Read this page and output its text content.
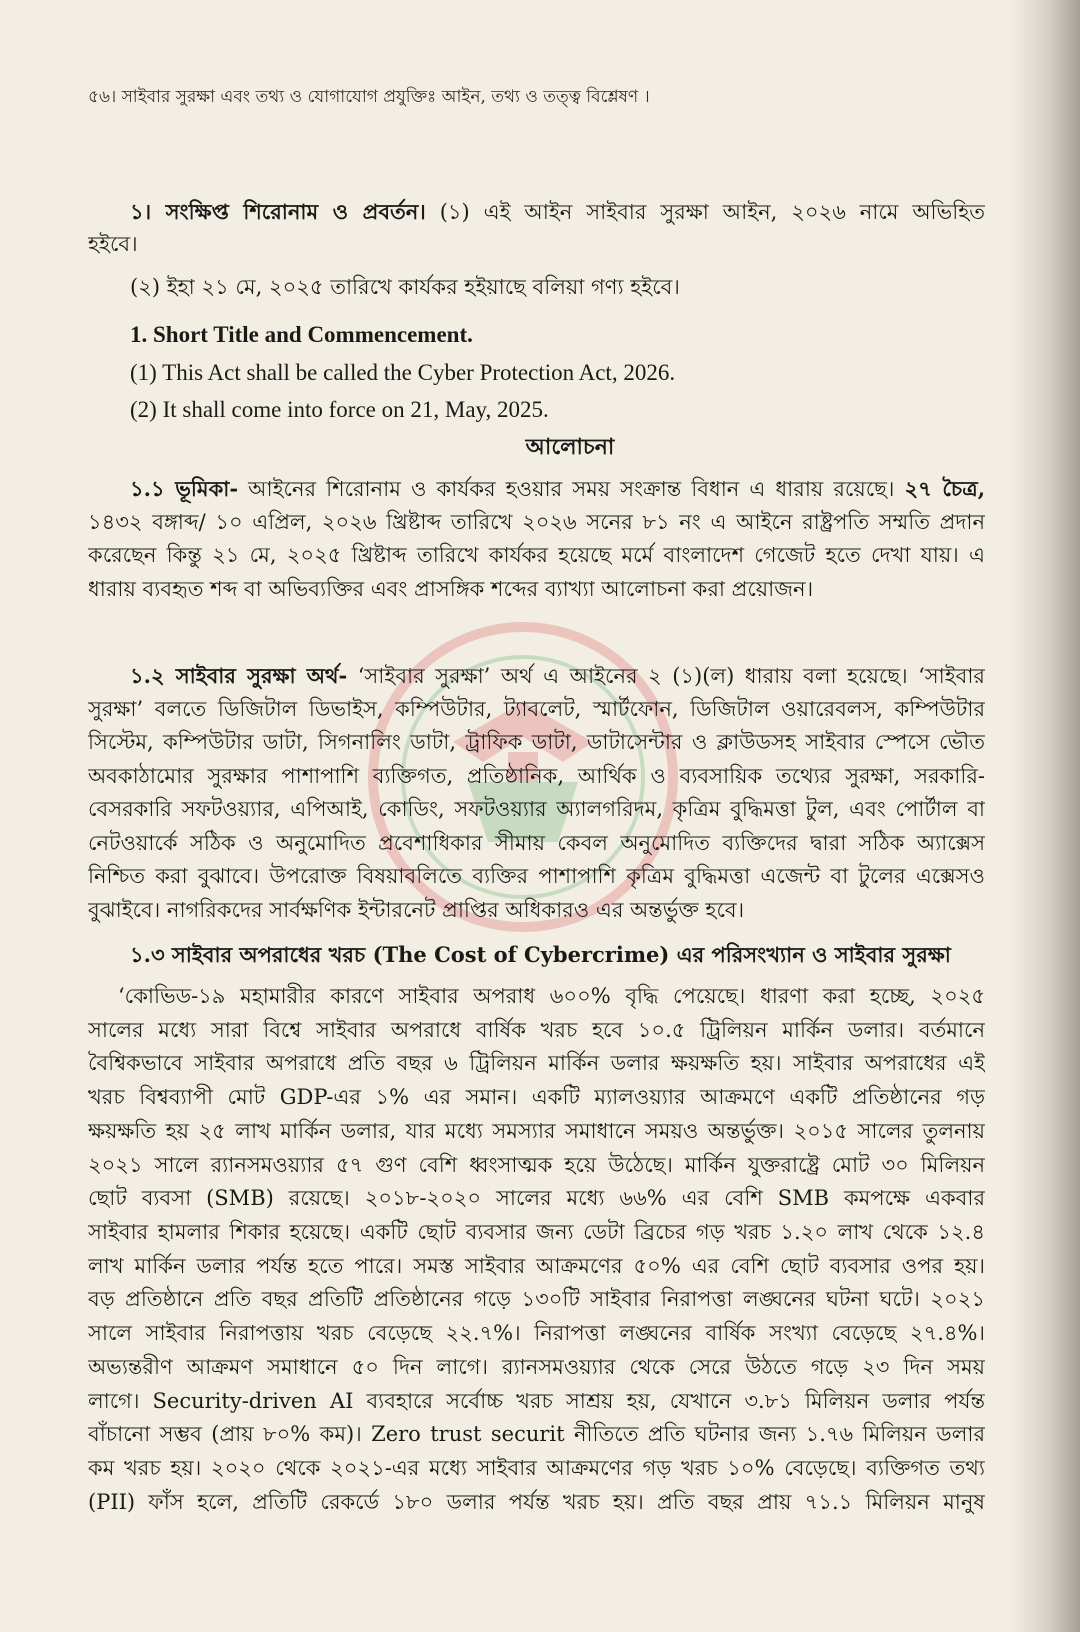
৫৬। সাইবার সুরক্ষা এবং তথ্য ও যোগাযোগ প্রযুক্তিঃ আইন, তথ্য ও তত্ত্ব বিশ্লেষণ ।
১। সংক্ষিপ্ত শিরোনাম ও প্রবর্তন। (১) এই আইন সাইবার সুরক্ষা আইন, ২০২৬ নামে অভিহিত
হইবে।
(২) ইহা ২১ মে, ২০২৫ তারিখে কার্যকর হইয়াছে বলিয়া গণ্য হইবে।
1. Short Title and Commencement.
(1) This Act shall be called the Cyber Protection Act, 2026.
(2) It shall come into force on 21, May, 2025.
আলোচনা
১.১ ভূমিকা- আইনের শিরোনাম ও কার্যকর হওয়ার সময় সংক্রান্ত বিধান এ ধারায় রয়েছে। ২৭ চৈত্র,
১৪৩২ বঙ্গাব্দ/ ১০ এপ্রিল, ২০২৬ খ্রিষ্টাব্দ তারিখে ২০২৬ সনের ৮১ নং এ আইনে রাষ্ট্রপতি সম্মতি প্রদান
করেছেন কিন্তু ২১ মে, ২০২৫ খ্রিষ্টাব্দ তারিখে কার্যকর হয়েছে মর্মে বাংলাদেশ গেজেট হতে দেখা যায়। এ
ধারায় ব্যবহৃত শব্দ বা অভিব্যক্তির এবং প্রাসঙ্গিক শব্দের ব্যাখ্যা আলোচনা করা প্রয়োজন।
১.২ সাইবার সুরক্ষা অর্থ- ‘সাইবার সুরক্ষা’ অর্থ এ আইনের ২ (১)(ল) ধারায় বলা হয়েছে। ‘সাইবার
সুরক্ষা’ বলতে ডিজিটাল ডিভাইস, কম্পিউটার, ট্যাবলেট, স্মার্টফোন, ডিজিটাল ওয়ারেবলস, কম্পিউটার
সিস্টেম, কম্পিউটার ডাটা, সিগনালিং ডাটা, ট্রাফিক ডাটা, ডাটাসেন্টার ও ক্লাউডসহ সাইবার স্পেসে ভৌত
অবকাঠামোর সুরক্ষার পাশাপাশি ব্যক্তিগত, প্রতিষ্ঠানিক, আর্থিক ও ব্যবসায়িক তথ্যের সুরক্ষা, সরকারি-
বেসরকারি সফটওয়্যার, এপিআই, কোডিং, সফটওয়্যার অ্যালগরিদম, কৃত্রিম বুদ্ধিমত্তা টুল, এবং পোর্টাল বা
নেটওয়ার্কে সঠিক ও অনুমোদিত প্রবেশাধিকার সীমায় কেবল অনুমোদিত ব্যক্তিদের দ্বারা সঠিক অ্যাক্সেস
নিশ্চিত করা বুঝাবে। উপরোক্ত বিষয়াবলিতে ব্যক্তির পাশাপাশি কৃত্রিম বুদ্ধিমত্তা এজেন্ট বা টুলের এক্সেসও
বুঝাইবে। নাগরিকদের সার্বক্ষণিক ইন্টারনেট প্রাপ্তির অধিকারও এর অন্তর্ভুক্ত হবে।
১.৩ সাইবার অপরাধের খরচ (The Cost of Cybercrime) এর পরিসংখ্যান ও সাইবার সুরক্ষা
‘কোভিড-১৯ মহামারীর কারণে সাইবার অপরাধ ৬০০% বৃদ্ধি পেয়েছে। ধারণা করা হচ্ছে, ২০২৫
সালের মধ্যে সারা বিশ্বে সাইবার অপরাধে বার্ষিক খরচ হবে ১০.৫ ট্রিলিয়ন মার্কিন ডলার। বর্তমানে
বৈশ্বিকভাবে সাইবার অপরাধে প্রতি বছর ৬ ট্রিলিয়ন মার্কিন ডলার ক্ষয়ক্ষতি হয়। সাইবার অপরাধের এই
খরচ বিশ্বব্যাপী মোট GDP-এর ১% এর সমান। একটি ম্যালওয়্যার আক্রমণে একটি প্রতিষ্ঠানের গড়
ক্ষয়ক্ষতি হয় ২৫ লাখ মার্কিন ডলার, যার মধ্যে সমস্যার সমাধানে সময়ও অন্তর্ভুক্ত। ২০১৫ সালের তুলনায়
২০২১ সালে র‍্যানসমওয়্যার ৫৭ গুণ বেশি ধ্বংসাত্মক হয়ে উঠেছে। মার্কিন যুক্তরাষ্ট্রে মোট ৩০ মিলিয়ন
ছোট ব্যবসা (SMB) রয়েছে। ২০১৮-২০২০ সালের মধ্যে ৬৬% এর বেশি SMB কমপক্ষে একবার
সাইবার হামলার শিকার হয়েছে। একটি ছোট ব্যবসার জন্য ডেটা ব্রিচের গড় খরচ ১.২০ লাখ থেকে ১২.৪
লাখ মার্কিন ডলার পর্যন্ত হতে পারে। সমস্ত সাইবার আক্রমণের ৫০% এর বেশি ছোট ব্যবসার ওপর হয়।
বড় প্রতিষ্ঠানে প্রতি বছর প্রতিটি প্রতিষ্ঠানের গড়ে ১৩০টি সাইবার নিরাপত্তা লঙ্ঘনের ঘটনা ঘটে। ২০২১
সালে সাইবার নিরাপত্তায় খরচ বেড়েছে ২২.৭%। নিরাপত্তা লঙ্ঘনের বার্ষিক সংখ্যা বেড়েছে ২৭.৪%।
অভ্যন্তরীণ আক্রমণ সমাধানে ৫০ দিন লাগে। র‍্যানসমওয়্যার থেকে সেরে উঠতে গড়ে ২৩ দিন সময়
লাগে। Security-driven AI ব্যবহারে সর্বোচ্চ খরচ সাশ্রয় হয়, যেখানে ৩.৮১ মিলিয়ন ডলার পর্যন্ত
বাঁচানো সম্ভব (প্রায় ৮০% কম)। Zero trust securit নীতিতে প্রতি ঘটনার জন্য ১.৭৬ মিলিয়ন ডলার
কম খরচ হয়। ২০২০ থেকে ২০২১-এর মধ্যে সাইবার আক্রমণের গড় খরচ ১০% বেড়েছে। ব্যক্তিগত তথ্য
(PII) ফাঁস হলে, প্রতিটি রেকর্ডে ১৮০ ডলার পর্যন্ত খরচ হয়। প্রতি বছর প্রায় ৭১.১ মিলিয়ন মানুষ
